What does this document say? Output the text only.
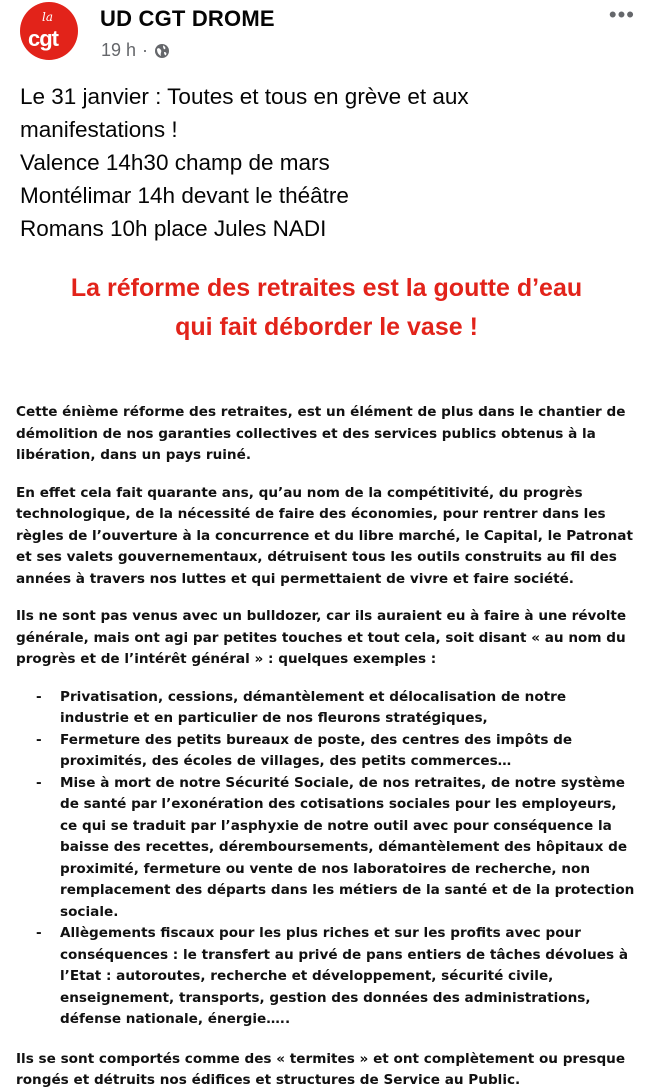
la
cgt
UD CGT DROME
19 h ·
•••
Le 31 janvier : Toutes et tous en grève et aux
manifestations !
Valence 14h30 champ de mars
Montélimar 14h devant le théâtre
Romans 10h place Jules NADI
La réforme des retraites est la goutte d’eau
qui fait déborder le vase !

Cette énième réforme des retraites, est un élément de plus dans le chantier de démolition de nos garanties collectives et des services publics obtenus à la libération, dans un pays ruiné.

En effet cela fait quarante ans, qu’au nom de la compétitivité, du progrès technologique, de la nécessité de faire des économies, pour rentrer dans les règles de l’ouverture à la concurrence et du libre marché, le Capital, le Patronat et ses valets gouvernementaux, détruisent tous les outils construits au fil des années à travers nos luttes et qui permettaient de vivre et faire société.

Ils ne sont pas venus avec un bulldozer, car ils auraient eu à faire à une révolte générale, mais ont agi par petites touches et tout cela, soit disant « au nom du progrès et de l’intérêt général » : quelques exemples :

- Privatisation, cessions, démantèlement et délocalisation de notre industrie et en particulier de nos fleurons stratégiques,
- Fermeture des petits bureaux de poste, des centres des impôts de proximités, des écoles de villages, des petits commerces…
- Mise à mort de notre Sécurité Sociale, de nos retraites, de notre système de santé par l’exonération des cotisations sociales pour les employeurs, ce qui se traduit par l’asphyxie de notre outil avec pour conséquence la baisse des recettes, déremboursements, démantèlement des hôpitaux de proximité, fermeture ou vente de nos laboratoires de recherche, non remplacement des départs dans les métiers de la santé et de la protection sociale.
- Allègements fiscaux pour les plus riches et sur les profits avec pour conséquences : le transfert au privé de pans entiers de tâches dévolues à l’Etat : autoroutes, recherche et développement, sécurité civile, enseignement, transports, gestion des données des administrations, défense nationale, énergie…..

Ils se sont comportés comme des « termites » et ont complètement ou presque rongés et détruits nos édifices et structures de Service au Public.
